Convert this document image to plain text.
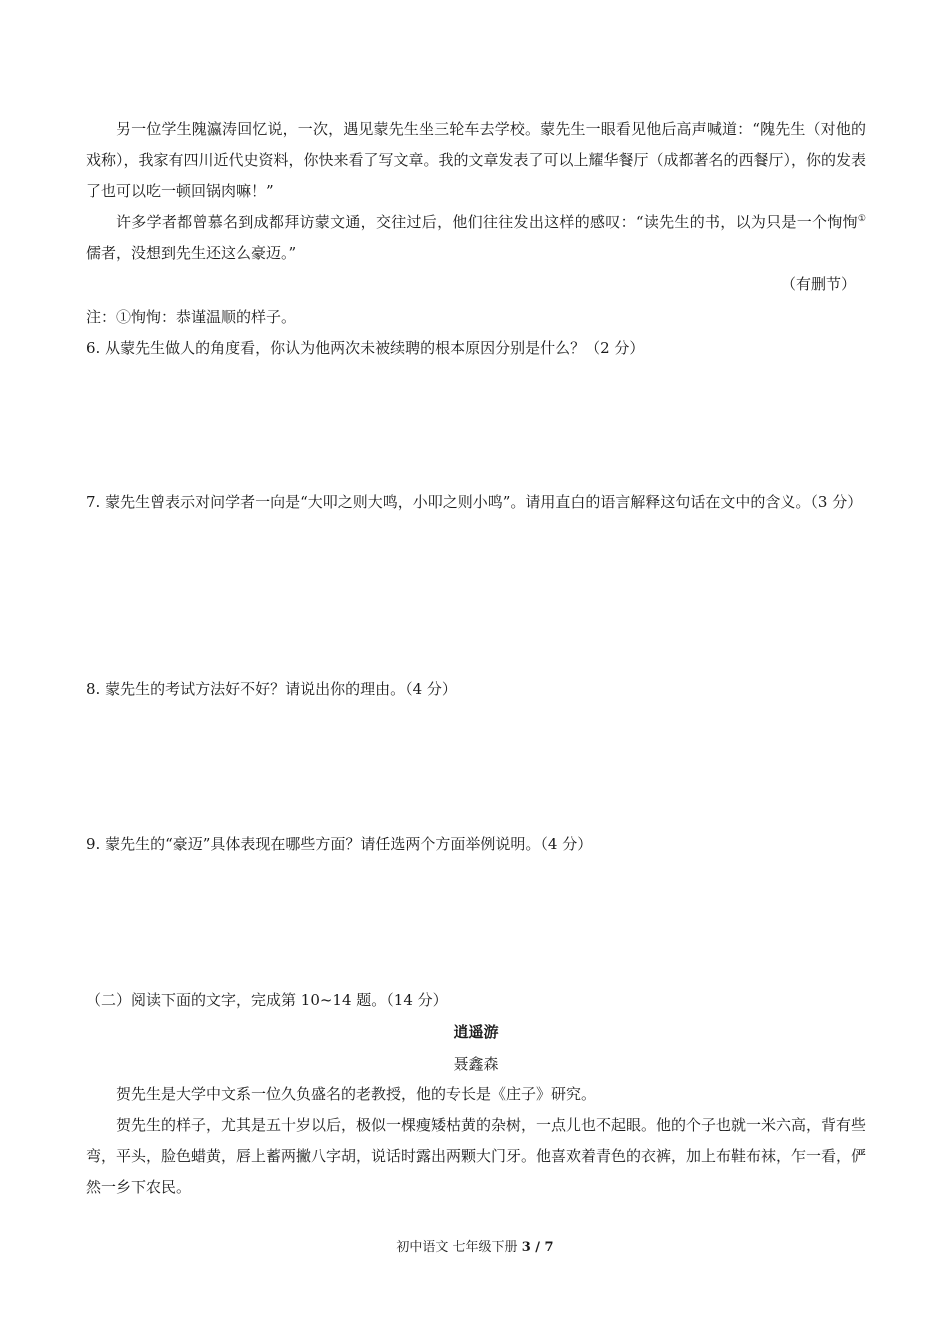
另一位学生隗瀛涛回忆说，一次，遇见蒙先生坐三轮车去学校。蒙先生一眼看见他后高声喊道：“隗先生（对他的戏称），我家有四川近代史资料，你快来看了写文章。我的文章发表了可以上耀华餐厅（成都著名的西餐厅），你的发表了也可以吃一顿回锅肉嘛！”

许多学者都曾慕名到成都拜访蒙文通，交往过后，他们往往发出这样的感叹：“读先生的书，以为只是一个恂恂①儒者，没想到先生还这么豪迈。”

（有删节）

注：①恂恂：恭谨温顺的样子。

6. 从蒙先生做人的角度看，你认为他两次未被续聘的根本原因分别是什么？（2 分）

7. 蒙先生曾表示对问学者一向是“大叩之则大鸣，小叩之则小鸣”。请用直白的语言解释这句话在文中的含义。（3 分）

8. 蒙先生的考试方法好不好？请说出你的理由。（4 分）

9. 蒙先生的“豪迈”具体表现在哪些方面？请任选两个方面举例说明。（4 分）

（二）阅读下面的文字，完成第 10~14 题。（14 分）

逍遥游

聂鑫森

贺先生是大学中文系一位久负盛名的老教授，他的专长是《庄子》研究。

贺先生的样子，尤其是五十岁以后，极似一棵瘦矮枯黄的杂树，一点儿也不起眼。他的个子也就一米六高，背有些弯，平头，脸色蜡黄，唇上蓄两撇八字胡，说话时露出两颗大门牙。他喜欢着青色的衣裤，加上布鞋布袜，乍一看，俨然一乡下农民。

初中语文 七年级下册 3 / 7
